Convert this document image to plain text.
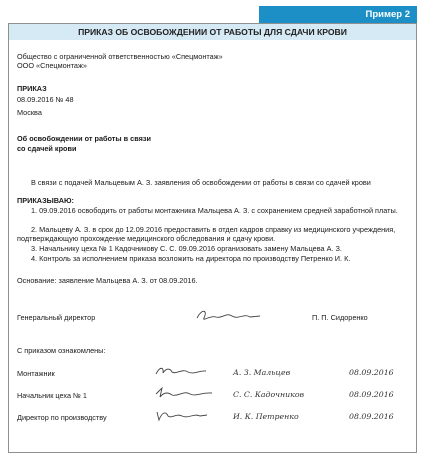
Пример 2
ПРИКАЗ ОБ ОСВОБОЖДЕНИИ ОТ РАБОТЫ ДЛЯ СДАЧИ КРОВИ
Общество с ограниченной ответственностью «Спецмонтаж»
ООО «Спецмонтаж»
ПРИКАЗ
08.09.2016 № 48
Москва
Об освобождении от работы в связи
со сдачей крови
В связи с подачей Мальцевым А. З. заявления об освобождении от работы в связи со сдачей крови
ПРИКАЗЫВАЮ:
1. 09.09.2016 освободить от работы монтажника Мальцева А. З. с сохранением средней заработной платы.
2. Мальцеву А. З. в срок до 12.09.2016 предоставить в отдел кадров справку из медицинского учреждения, подтверждающую прохождение медицинского обследования и сдачу крови.
3. Начальнику цеха № 1 Кадочникову С. С. 09.09.2016 организовать замену Мальцева А. З.
4. Контроль за исполнением приказа возложить на директора по производству Петренко И. К.
Основание: заявление Мальцева А. З. от 08.09.2016.
Генеральный директор	П. П. Сидоренко
С приказом ознакомлены:
Монтажник	А. З. Мальцев	08.09.2016
Начальник цеха № 1	С. С. Кадочников	08.09.2016
Директор по производству	И. К. Петренко	08.09.2016
